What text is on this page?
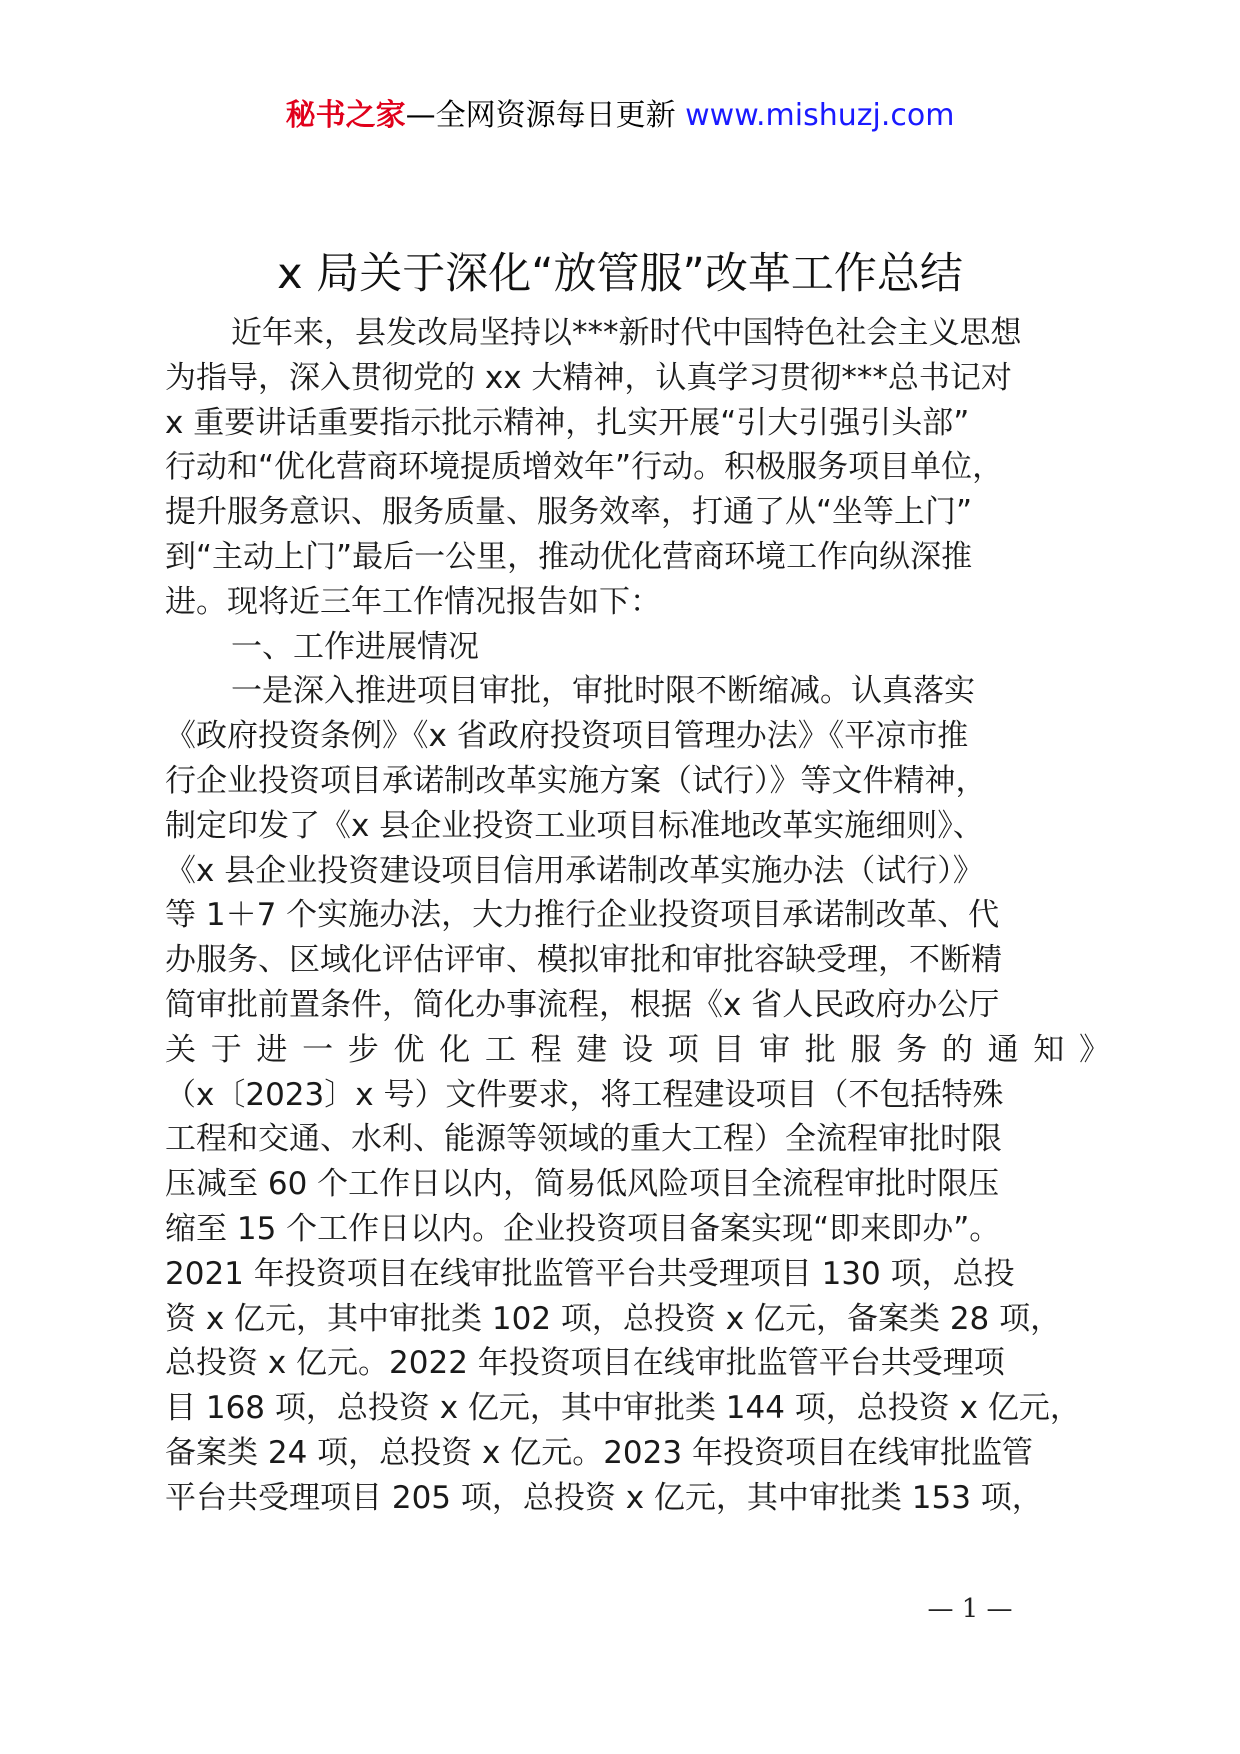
秘书之家—全网资源每日更新 www.mishuzj.com
x 局关于深化“放管服”改革工作总结
近年来，县发改局坚持以***新时代中国特色社会主义思想
为指导，深入贯彻党的 xx 大精神，认真学习贯彻***总书记对
x 重要讲话重要指示批示精神，扎实开展“引大引强引头部”
行动和“优化营商环境提质增效年”行动。积极服务项目单位，
提升服务意识、服务质量、服务效率，打通了从“坐等上门”
到“主动上门”最后一公里，推动优化营商环境工作向纵深推
进。现将近三年工作情况报告如下：
一、工作进展情况
一是深入推进项目审批，审批时限不断缩减。认真落实
《政府投资条例》《x 省政府投资项目管理办法》《平凉市推
行企业投资项目承诺制改革实施方案（试行）》等文件精神，
制定印发了《x 县企业投资工业项目标准地改革实施细则》、
《x 县企业投资建设项目信用承诺制改革实施办法（试行）》
等 1＋7 个实施办法，大力推行企业投资项目承诺制改革、代
办服务、区域化评估评审、模拟审批和审批容缺受理，不断精
简审批前置条件，简化办事流程，根据《x 省人民政府办公厅
关于进一步优化工程建设项目审批服务的通知》
（x〔2023〕x 号）文件要求，将工程建设项目（不包括特殊
工程和交通、水利、能源等领域的重大工程）全流程审批时限
压减至 60 个工作日以内，简易低风险项目全流程审批时限压
缩至 15 个工作日以内。企业投资项目备案实现“即来即办”。
2021 年投资项目在线审批监管平台共受理项目 130 项，总投
资 x 亿元，其中审批类 102 项，总投资 x 亿元，备案类 28 项，
总投资 x 亿元。2022 年投资项目在线审批监管平台共受理项
目 168 项，总投资 x 亿元，其中审批类 144 项，总投资 x 亿元，
备案类 24 项，总投资 x 亿元。2023 年投资项目在线审批监管
平台共受理项目 205 项，总投资 x 亿元，其中审批类 153 项，
— 1 —
